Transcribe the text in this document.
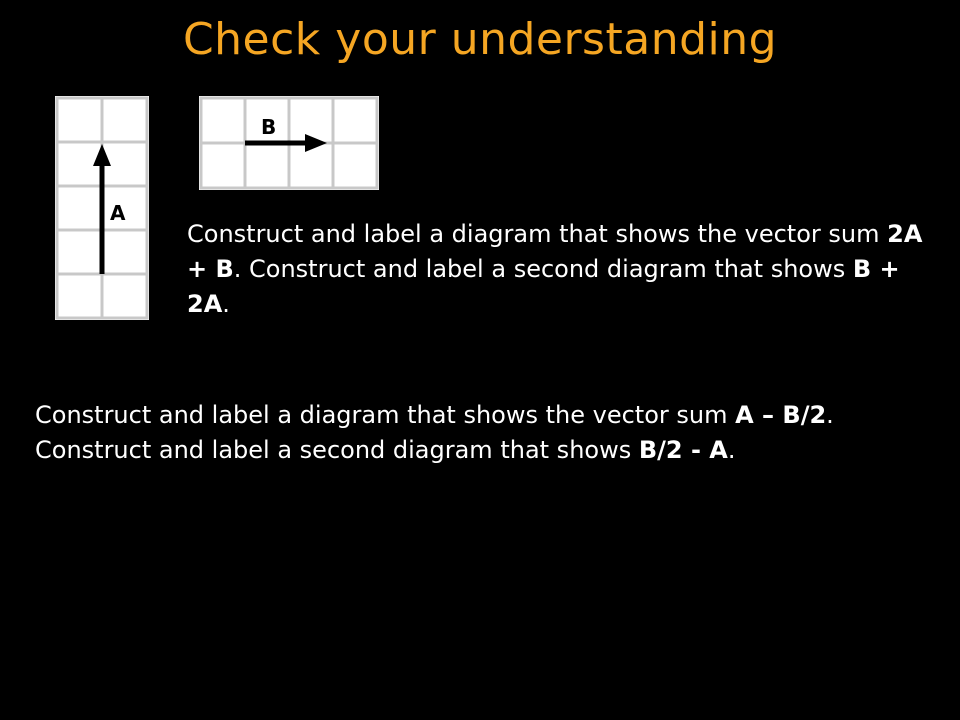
Check your understanding
A
B

Construct and label a diagram that shows the vector sum 2A + B. Construct and label a second diagram that shows B + 2A.

Construct and label a diagram that shows the vector sum A – B/2. Construct and label a second diagram that shows B/2 - A.
